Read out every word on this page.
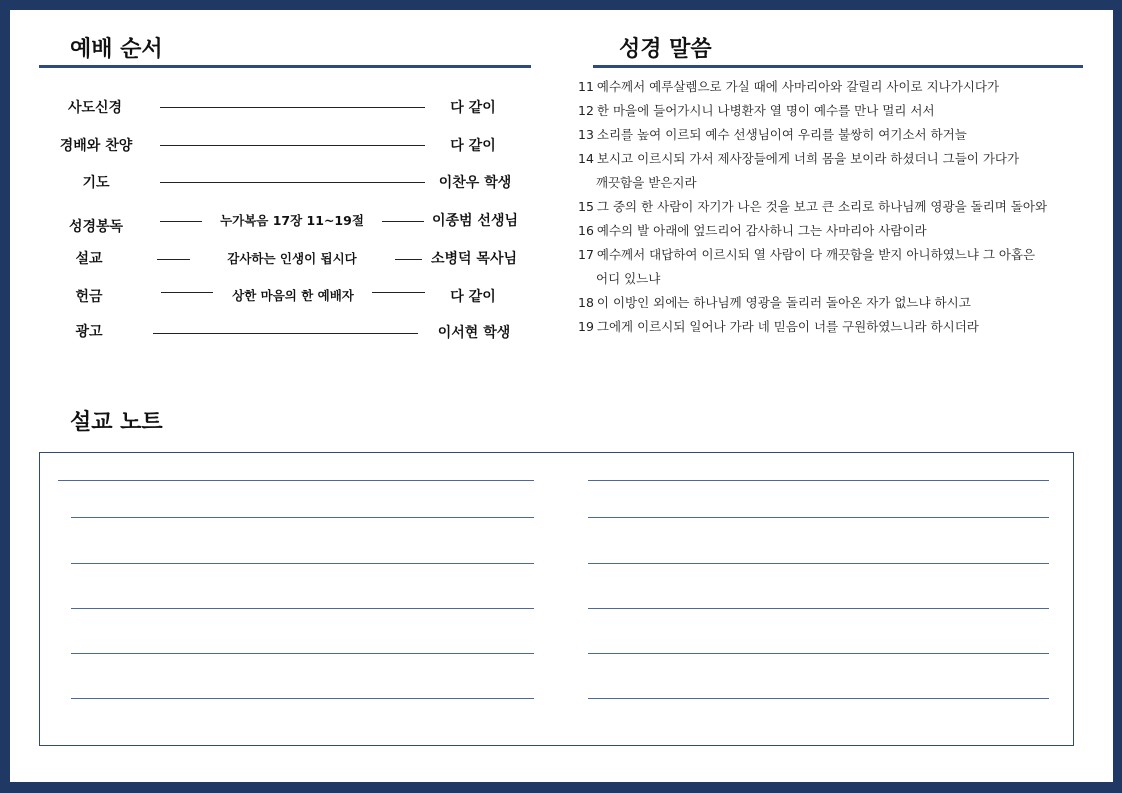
예배 순서
사도신경	다 같이
경배와 찬양	다 같이
기도	이찬우 학생
성경봉독	누가복음 17장 11~19절	이종범 선생님
설교	감사하는 인생이 됩시다	소병덕 목사님
헌금	상한 마음의 한 예배자	다 같이
광고	이서현 학생
성경 말씀
11 예수께서 예루살렘으로 가실 때에 사마리아와 갈릴리 사이로 지나가시다가
12 한 마을에 들어가시니 나병환자 열 명이 예수를 만나 멀리 서서
13 소리를 높여 이르되 예수 선생님이여 우리를 불쌍히 여기소서 하거늘
14 보시고 이르시되 가서 제사장들에게 너희 몸을 보이라 하셨더니 그들이 가다가
깨끗함을 받은지라
15 그 중의 한 사람이 자기가 나은 것을 보고 큰 소리로 하나님께 영광을 돌리며 돌아와
16 예수의 발 아래에 엎드리어 감사하니 그는 사마리아 사람이라
17 예수께서 대답하여 이르시되 열 사람이 다 깨끗함을 받지 아니하였느냐 그 아홉은
어디 있느냐
18 이 이방인 외에는 하나님께 영광을 돌리러 돌아온 자가 없느냐 하시고
19 그에게 이르시되 일어나 가라 네 믿음이 너를 구원하였느니라 하시더라
설교 노트
